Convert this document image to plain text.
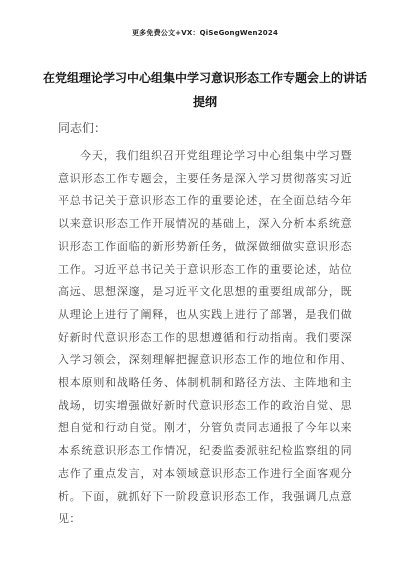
更多免费公文+VX：QiSeGongWen2024
在党组理论学习中心组集中学习意识形态工作专题会上的讲话提纲
同志们：

今天，我们组织召开党组理论学习中心组集中学习暨意识形态工作专题会，主要任务是深入学习贯彻落实习近平总书记关于意识形态工作的重要论述，在全面总结今年以来意识形态工作开展情况的基础上，深入分析本系统意识形态工作面临的新形势新任务，做深做细做实意识形态工作。习近平总书记关于意识形态工作的重要论述，站位高远、思想深邃，是习近平文化思想的重要组成部分，既从理论上进行了阐释，也从实践上进行了部署，是我们做好新时代意识形态工作的思想遵循和行动指南。我们要深入学习领会，深刻理解把握意识形态工作的地位和作用、根本原则和战略任务、体制机制和路径方法、主阵地和主战场，切实增强做好新时代意识形态工作的政治自觉、思想自觉和行动自觉。刚才，分管负责同志通报了今年以来本系统意识形态工作情况，纪委监委派驻纪检监察组的同志作了重点发言，对本领域意识形态工作进行全面客观分析。下面，就抓好下一阶段意识形态工作，我强调几点意见：
